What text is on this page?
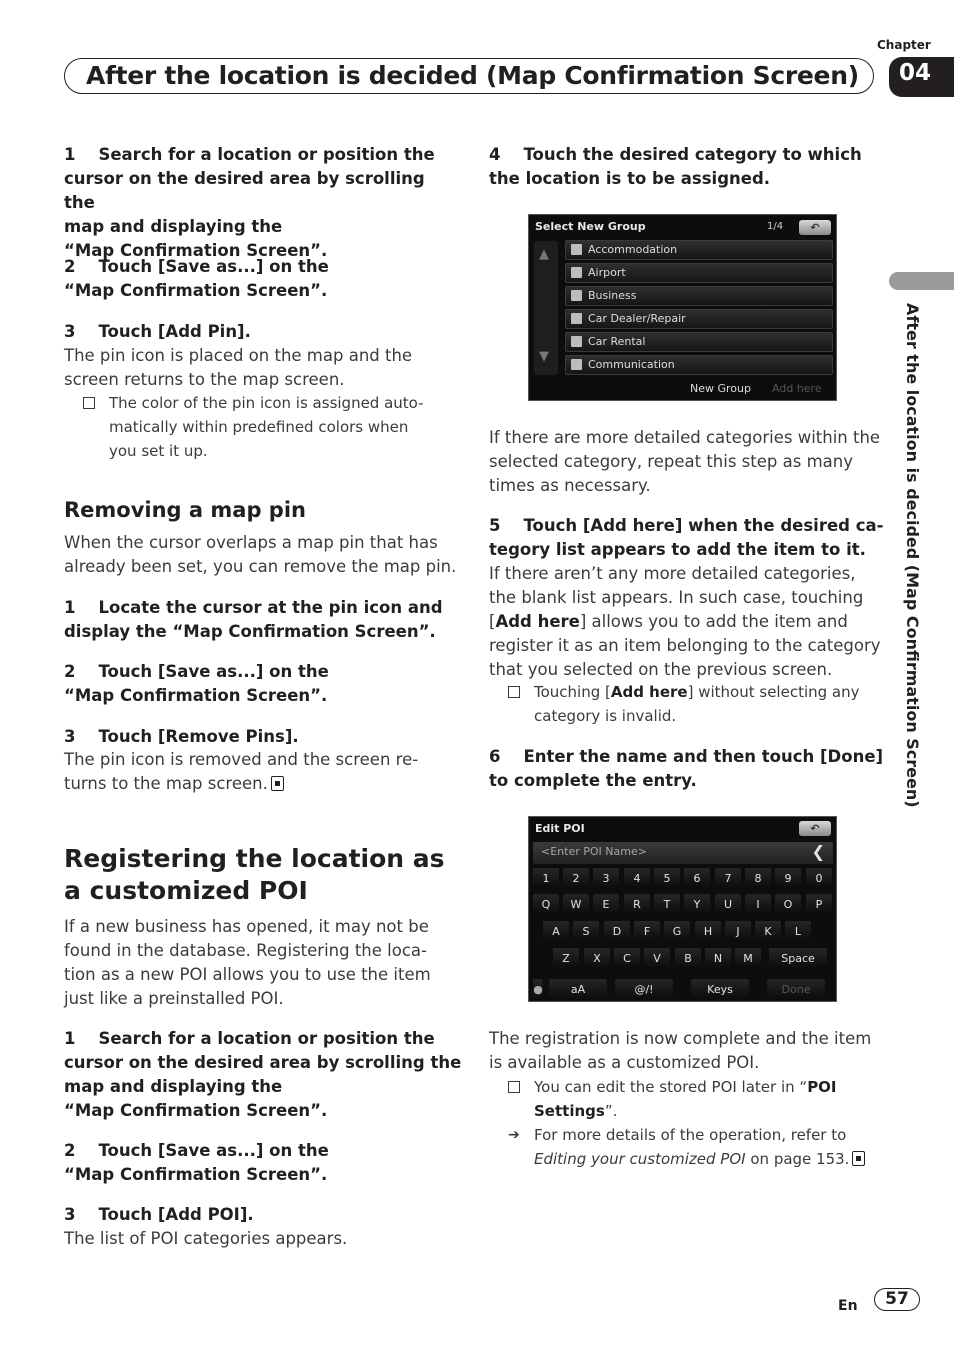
Chapter
After the location is decided (Map Confirmation Screen) 04
After the location is decided (Map Confirmation Screen)
1 Search for a location or position the
cursor on the desired area by scrolling the
map and displaying the
“Map Confirmation Screen”.
2 Touch [Save as...] on the
“Map Confirmation Screen”.
3 Touch [Add Pin].
The pin icon is placed on the map and the
screen returns to the map screen.
The color of the pin icon is assigned auto-
matically within predefined colors when
you set it up.
Removing a map pin
When the cursor overlaps a map pin that has
already been set, you can remove the map pin.
1 Locate the cursor at the pin icon and
display the “Map Confirmation Screen”.
2 Touch [Save as...] on the
“Map Confirmation Screen”.
3 Touch [Remove Pins].
The pin icon is removed and the screen re-
turns to the map screen.
Registering the location as
a customized POI
If a new business has opened, it may not be
found in the database. Registering the loca-
tion as a new POI allows you to use the item
just like a preinstalled POI.
1 Search for a location or position the
cursor on the desired area by scrolling the
map and displaying the
“Map Confirmation Screen”.
2 Touch [Save as...] on the
“Map Confirmation Screen”.
3 Touch [Add POI].
The list of POI categories appears.
4 Touch the desired category to which
the location is to be assigned.
Select New Group	1/4	↶
▲
▼
Accommodation
Airport
Business
Car Dealer/Repair
Car Rental
Communication
New Group Add here
If there are more detailed categories within the
selected category, repeat this step as many
times as necessary.
5 Touch [Add here] when the desired ca-
tegory list appears to add the item to it.
If there aren’t any more detailed categories,
the blank list appears. In such case, touching
[Add here] allows you to add the item and
register it as an item belonging to the category
that you selected on the previous screen.
Touching [Add here] without selecting any
category is invalid.
6 Enter the name and then touch [Done]
to complete the entry.
Edit POI	↶
<Enter POI Name>	❮
1	2	3	4	5	6	7	8	9	0
Q	W	E	R	T	Y	U	I	O	P
A	S	D	F	G	H	J	K	L
Z	X	C	V	B	N	M	Space
●	aA	@/!	Keys	Done
The registration is now complete and the item
is available as a customized POI.
You can edit the stored POI later in “POI
Settings”.
➔ For more details of the operation, refer to
Editing your customized POI on page 153.
En	57
